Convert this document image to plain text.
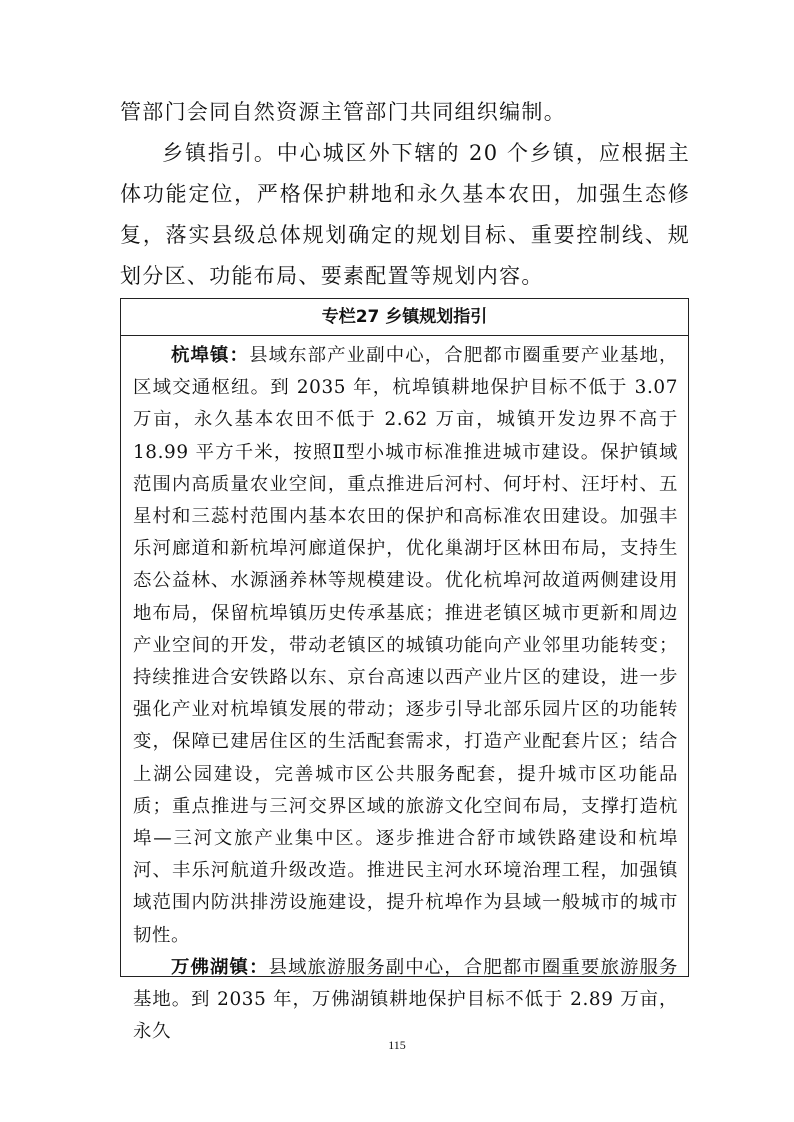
管部门会同自然资源主管部门共同组织编制。

乡镇指引。中心城区外下辖的 20 个乡镇，应根据主体功能定位，严格保护耕地和永久基本农田，加强生态修复，落实县级总体规划确定的规划目标、重要控制线、规划分区、功能布局、要素配置等规划内容。

专栏27 乡镇规划指引

杭埠镇：县域东部产业副中心，合肥都市圈重要产业基地，区域交通枢纽。到 2035 年，杭埠镇耕地保护目标不低于 3.07 万亩，永久基本农田不低于 2.62 万亩，城镇开发边界不高于 18.99 平方千米，按照Ⅱ型小城市标准推进城市建设。保护镇域范围内高质量农业空间，重点推进后河村、何圩村、汪圩村、五星村和三蕊村范围内基本农田的保护和高标准农田建设。加强丰乐河廊道和新杭埠河廊道保护，优化巢湖圩区林田布局，支持生态公益林、水源涵养林等规模建设。优化杭埠河故道两侧建设用地布局，保留杭埠镇历史传承基底；推进老镇区城市更新和周边产业空间的开发，带动老镇区的城镇功能向产业邻里功能转变；持续推进合安铁路以东、京台高速以西产业片区的建设，进一步强化产业对杭埠镇发展的带动；逐步引导北部乐园片区的功能转变，保障已建居住区的生活配套需求，打造产业配套片区；结合上湖公园建设，完善城市区公共服务配套，提升城市区功能品质；重点推进与三河交界区域的旅游文化空间布局，支撑打造杭埠—三河文旅产业集中区。逐步推进合舒市域铁路建设和杭埠河、丰乐河航道升级改造。推进民主河水环境治理工程，加强镇域范围内防洪排涝设施建设，提升杭埠作为县域一般城市的城市韧性。

万佛湖镇：县域旅游服务副中心，合肥都市圈重要旅游服务基地。到 2035 年，万佛湖镇耕地保护目标不低于 2.89 万亩，永久

115
